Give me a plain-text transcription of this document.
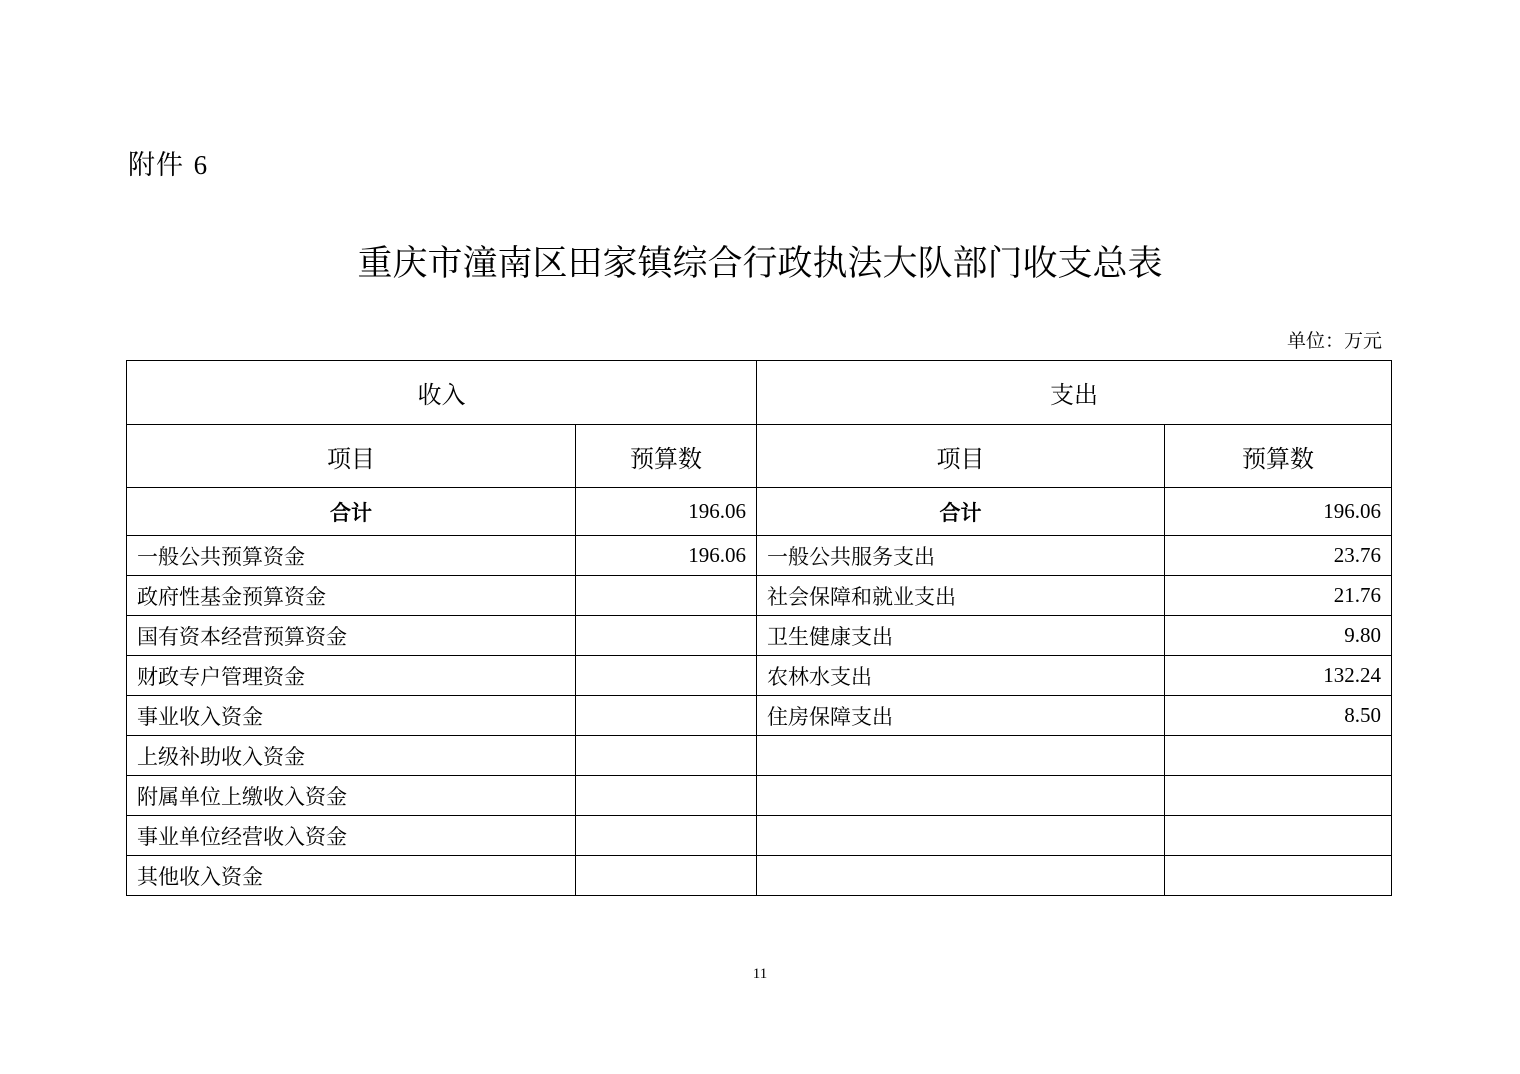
附件 6
重庆市潼南区田家镇综合行政执法大队部门收支总表
单位：万元
收入		支出	
项目	预算数	项目	预算数
合计	196.06	合计	196.06
一般公共预算资金	196.06	一般公共服务支出	23.76
政府性基金预算资金		社会保障和就业支出	21.76
国有资本经营预算资金		卫生健康支出	9.80
财政专户管理资金		农林水支出	132.24
事业收入资金		住房保障支出	8.50
上级补助收入资金			
附属单位上缴收入资金			
事业单位经营收入资金			
其他收入资金			
11
